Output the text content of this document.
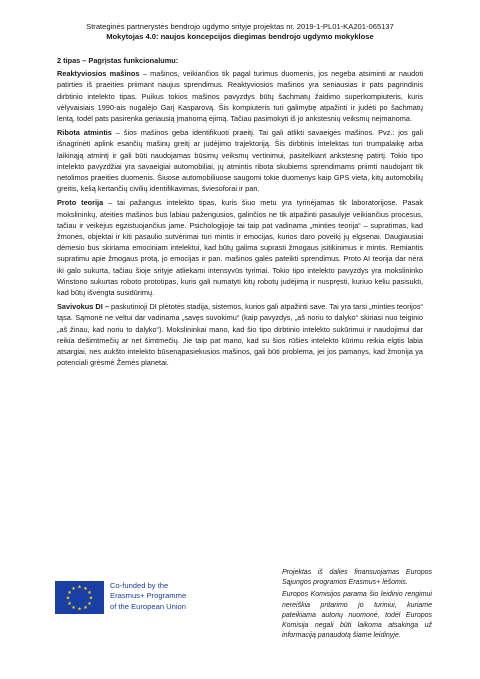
Strateginės partnerystės bendrojo ugdymo srityje projektas nr. 2019-1-PL01-KA201-065137
Mokytojas 4.0: naujos koncepcijos diegimas bendrojo ugdymo mokyklose
2 tipas – Pagrįstas funkcionalumu:

Reaktyviosios mašinos – mašinos, veikiančios tik pagal turimus duomenis, jos negeba atsiminti ar naudoti patirties iš praeities priimant naujus sprendimus. Reaktyviosios mašinos yra seniausias ir pats pagrindinis dirbtinio intelekto tipas. Puikus tokios mašinos pavyzdys būtų šachmatų žaidimo superkompiuteris, kuris vėlyvaisiais 1990-ais nugalėjo Garį Kasparovą. Šis kompiuteris turi galimybę atpažinti ir judėti po šachmatų lentą, todėl pats pasirenka geriausią įmanomą ėjimą. Tačiau pasimokyti iš jo ankstesnių veiksmų neįmanoma.

Ribota atmintis – šios mašinos geba identifikuoti praeitį. Tai gali atlikti savaeigės mašinos. Pvz.: jos gali išnagrinėti aplink esančių mašinų greitį ar judėjimo trajektoriją. Šis dirbtinis intelektas turi trumpalaikę arba laikinąją atmintį ir gali būti naudojamas būsimų veiksmų vertinimui, pasitelkiant ankstesnę patirtį. Tokio tipo intelekto pavyzdžiai yra savaeigiai automobiliai, jų atmintis ribota skubiems sprendimams priimti naudojant tik netolimos praeities duomenis. Šiuose automobiliuose saugomi tokie duomenys kaip GPS vieta, kitų automobilių greitis, kelią kertančių civilių identifikavimas, šviesoforai ir pan.

Proto teorija – tai pažangus intelekto tipas, kuris šiuo metu yra tyrinėjamas tik laboratorijose. Pasak mokslininkų, ateities mašinos bus labiau pažengusios, galinčios ne tik atpažinti pasaulyje veikiančius procesus, tačiau ir veikėjus egzistuojančius jame. Psichologijoje tai taip pat vadinama „minties teorija“ – supratimas, kad žmonės, objektai ir kiti pasaulio sutvėrimai turi mintis ir emocijas, kurios daro poveikį jų elgsenai. Daugiausiai dėmesio bus skiriama emociniam intelektui, kad būtų galima suprasti žmogaus įsitikinimus ir mintis. Remiantis supratimu apie žmogaus protą, jo emocijas ir pan. mašinos galės pateikti sprendimus. Proto AI teorija dar nėra iki galo sukurta, tačiau šioje srityje atliekami intensyvūs tyrimai. Tokio tipo intelekto pavyzdys yra mokslininko Winstono sukurtas roboto prototipas, kuris gali numatyti kitų robotų judėjimą ir nuspręsti, kuriuo keliu pasisukti, kad būtų išvengta susidūrimų.

Savivokus DI – paskutinioji DI plėtotės stadija, sistemos, kurios gali atpažinti save. Tai yra tarsi „minties teorijos“ tąsa. Sąmonė ne veltui dar vadinama „savęs suvokimu“ (kaip pavyzdys, „aš noriu to dalyko“ skiriasi nuo teiginio „aš žinau, kad noriu to dalyko“). Mokslininkai mano, kad šio tipo dirbtinio intelekto sukūrimui ir naudojimui dar reikia dešimtmečių ar net šimtmečių. Jie taip pat mano, kad su šios rūšies intelekto kūrimu reikia elgtis labia atsargiai, nes aukšto intelekto būsenąpasiekusios mašinos, gali būti problema, jei jos pamanys, kad žmonija ya potenciali grėsmė Žemės planetai.

★ ★
★
★
★
★
★
★
★
★
★
★	Co-funded by the
Erasmus+ Programme
of the European Union

Projektas iš dalies finansuojamas Europos Sąjungos programos Erasmus+ lėšomis.

Europos Komisijos parama šio leidinio rengimui nereiškia pritarimo jo turiniui, kuriame pateikiama autorių nuomonė, todėl Europos Komisija negali būti laikoma atsakinga už informaciją panaudotą šiame leidinyje.
